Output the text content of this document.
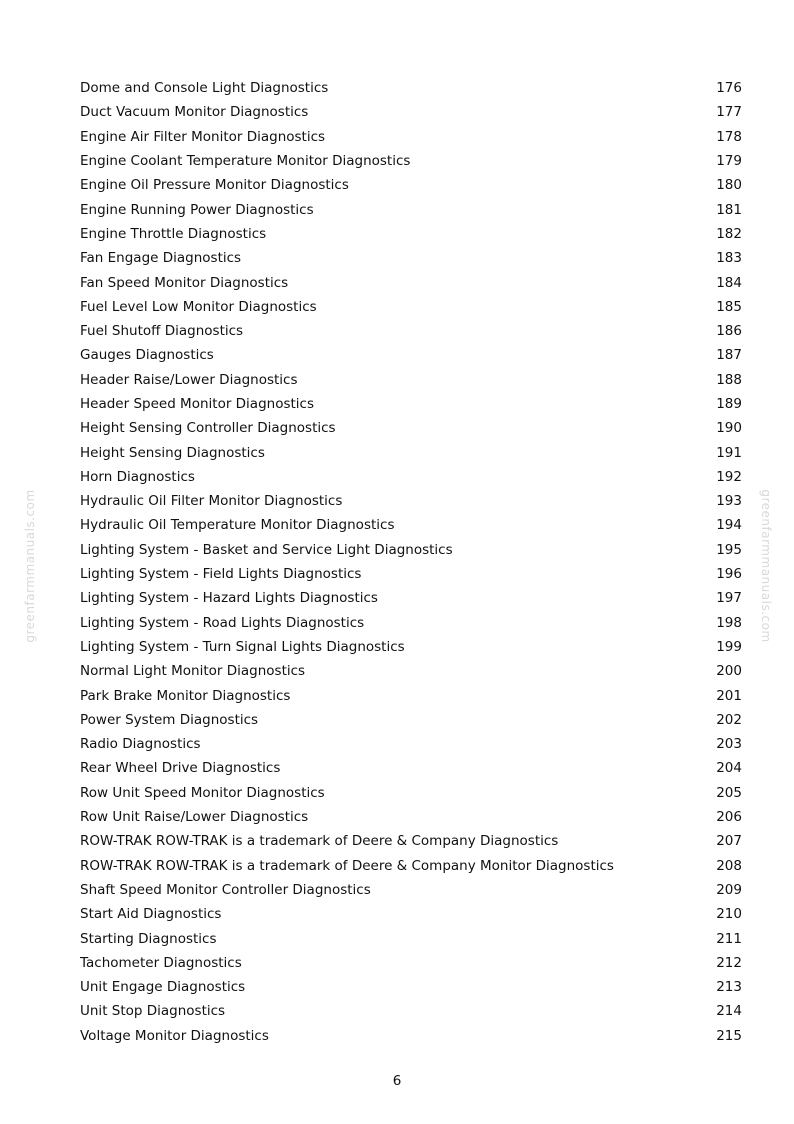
greenfarmmanuals.com	greenfarmmanuals.com
Dome and Console Light Diagnostics	176
Duct Vacuum Monitor Diagnostics	177
Engine Air Filter Monitor Diagnostics	178
Engine Coolant Temperature Monitor Diagnostics	179
Engine Oil Pressure Monitor Diagnostics	180
Engine Running Power Diagnostics	181
Engine Throttle Diagnostics	182
Fan Engage Diagnostics	183
Fan Speed Monitor Diagnostics	184
Fuel Level Low Monitor Diagnostics	185
Fuel Shutoff Diagnostics	186
Gauges Diagnostics	187
Header Raise/Lower Diagnostics	188
Header Speed Monitor Diagnostics	189
Height Sensing Controller Diagnostics	190
Height Sensing Diagnostics	191
Horn Diagnostics	192
Hydraulic Oil Filter Monitor Diagnostics	193
Hydraulic Oil Temperature Monitor Diagnostics	194
Lighting System - Basket and Service Light Diagnostics	195
Lighting System - Field Lights Diagnostics	196
Lighting System - Hazard Lights Diagnostics	197
Lighting System - Road Lights Diagnostics	198
Lighting System - Turn Signal Lights Diagnostics	199
Normal Light Monitor Diagnostics	200
Park Brake Monitor Diagnostics	201
Power System Diagnostics	202
Radio Diagnostics	203
Rear Wheel Drive Diagnostics	204
Row Unit Speed Monitor Diagnostics	205
Row Unit Raise/Lower Diagnostics	206
ROW-TRAK ROW-TRAK is a trademark of Deere & Company Diagnostics	207
ROW-TRAK ROW-TRAK is a trademark of Deere & Company Monitor Diagnostics	208
Shaft Speed Monitor Controller Diagnostics	209
Start Aid Diagnostics	210
Starting Diagnostics	211
Tachometer Diagnostics	212
Unit Engage Diagnostics	213
Unit Stop Diagnostics	214
Voltage Monitor Diagnostics	215
6
